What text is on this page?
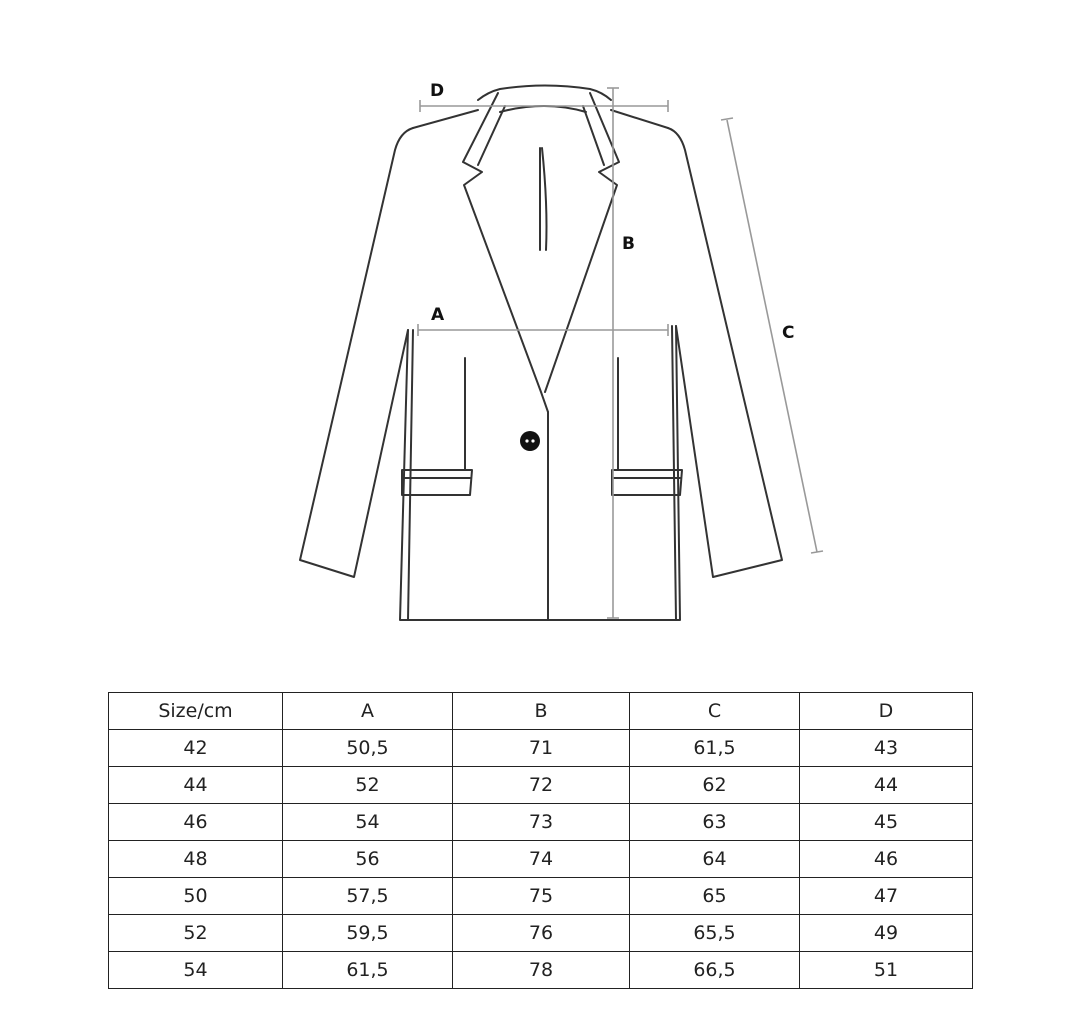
D
B
A
C
Size/cm	A	B	C	D
42	50,5	71	61,5	43
44	52	72	62	44
46	54	73	63	45
48	56	74	64	46
50	57,5	75	65	47
52	59,5	76	65,5	49
54	61,5	78	66,5	51
